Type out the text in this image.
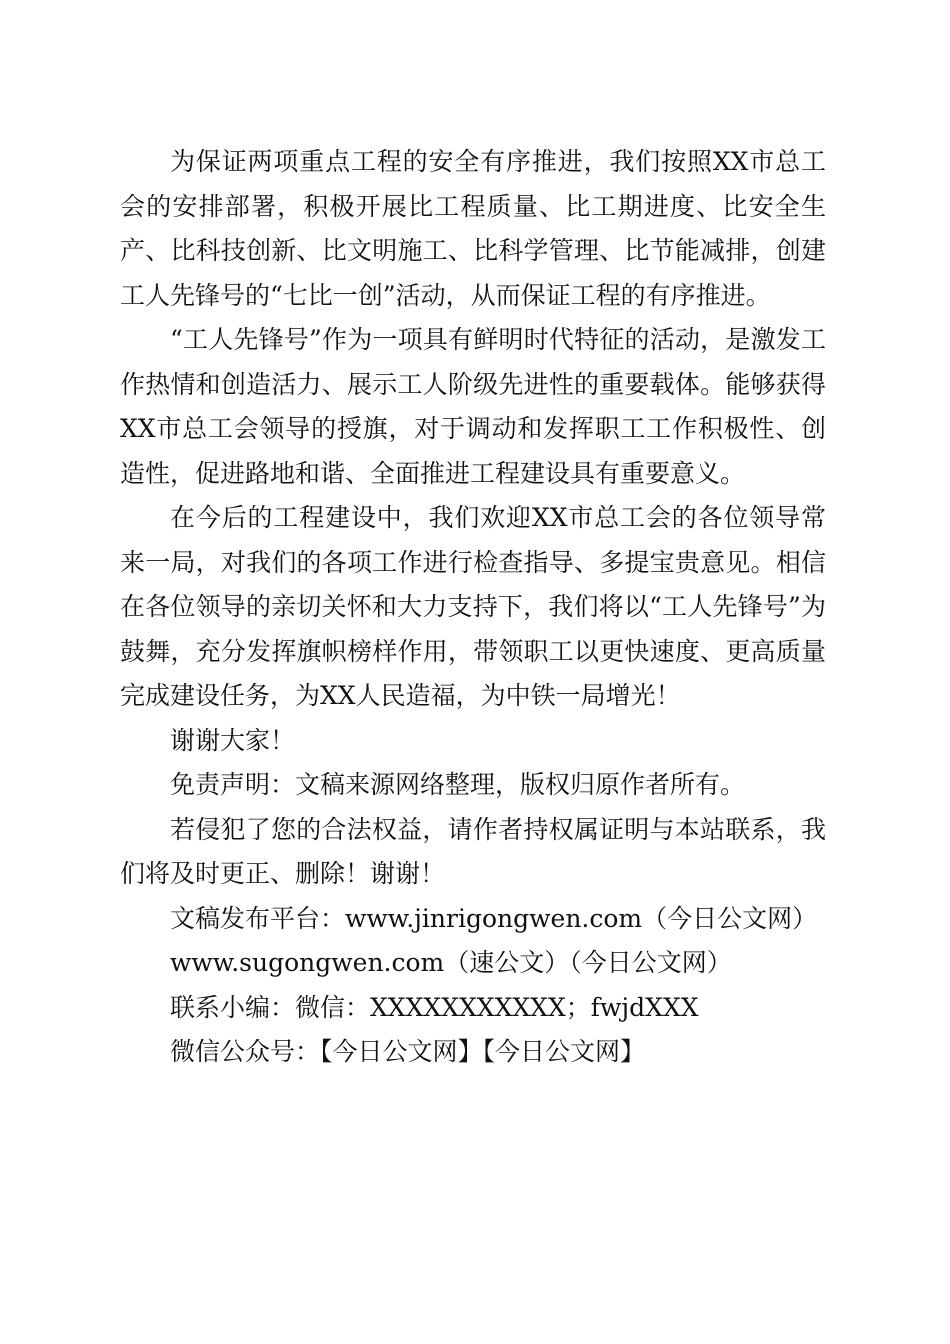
为保证两项重点工程的安全有序推进，我们按照XX市总工会的安排部署，积极开展比工程质量、比工期进度、比安全生产、比科技创新、比文明施工、比科学管理、比节能减排，创建工人先锋号的“七比一创”活动，从而保证工程的有序推进。

“工人先锋号”作为一项具有鲜明时代特征的活动，是激发工作热情和创造活力、展示工人阶级先进性的重要载体。能够获得XX市总工会领导的授旗，对于调动和发挥职工工作积极性、创造性，促进路地和谐、全面推进工程建设具有重要意义。

在今后的工程建设中，我们欢迎XX市总工会的各位领导常来一局，对我们的各项工作进行检查指导、多提宝贵意见。相信在各位领导的亲切关怀和大力支持下，我们将以“工人先锋号”为鼓舞，充分发挥旗帜榜样作用，带领职工以更快速度、更高质量完成建设任务，为XX人民造福，为中铁一局增光！

谢谢大家！

免责声明：文稿来源网络整理，版权归原作者所有。

若侵犯了您的合法权益，请作者持权属证明与本站联系，我们将及时更正、删除！谢谢！

文稿发布平台：www.jinrigongwen.com（今日公文网）

www.sugongwen.com（速公文）（今日公文网）

联系小编：微信：XXXXXXXXXXX；fwjdXXX

微信公众号：【今日公文网】【今日公文网】
